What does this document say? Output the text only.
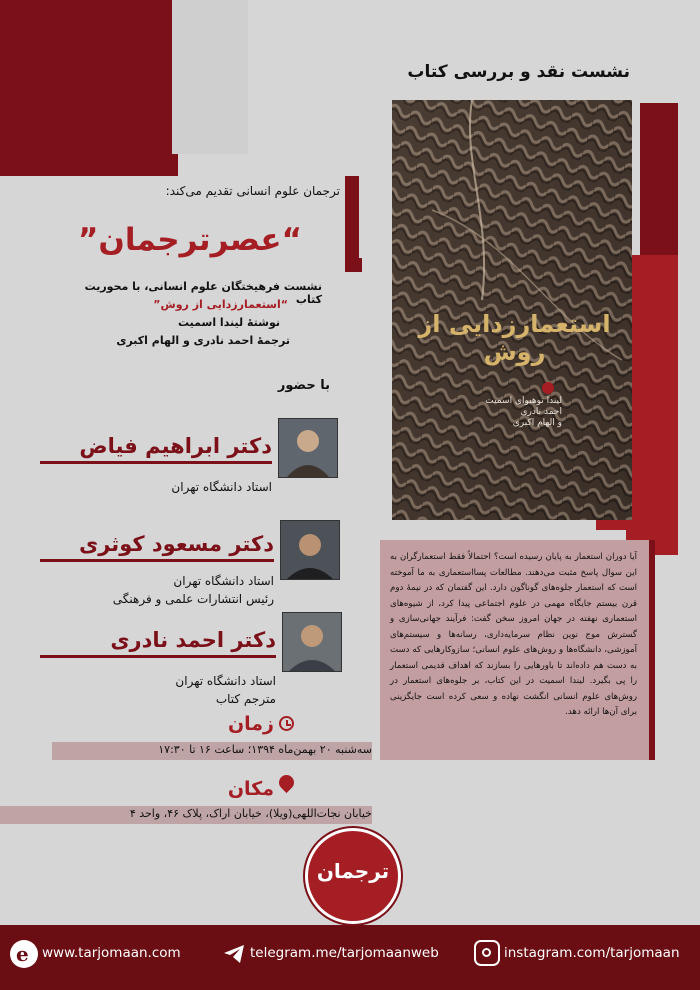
نشست نقد و بررسی کتاب
استعمارزدایی از روش
لیندا توهیوای اسمیت
احمد نادری
و الهام اکبری
ترجمان علوم انسانی تقدیم می‌کند:
“عصرترجمان”
نشست فرهیختگان علوم انسانی، با محوریت کتاب
“استعمارزدایی از روش”
نوشتۀ لیندا اسمیت
ترجمۀ احمد نادری و الهام اکبری
با حضور
دکتر ابراهیم فیاض
استاد دانشگاه تهران
دکتر مسعود کوثری
استاد دانشگاه تهران
رئیس انتشارات علمی و فرهنگی
دکتر احمد نادری
استاد دانشگاه تهران
مترجم کتاب

آیا دوران استعمار به پایان رسیده است؟ احتمالاً فقط استعمارگران به این سوال پاسخ مثبت می‌دهند. مطالعات پسااستعماری به ما آموخته است که استعمار جلوه‌های گوناگون دارد. این گفتمان که در نیمۀ دوم قرن بیستم جایگاه مهمی در علوم اجتماعی پیدا کرد، از شیوه‌های استعماری نهفته در جهان امروز سخن گفت: فرآیند جهانی‌سازی و گسترش موج نوین نظام سرمایه‌داری، رسانه‌ها و سیستم‌های آموزشی، دانشگاه‌ها و روش‌های علوم انسانی؛ سازوکارهایی که دست به دست هم داده‌اند تا باورهایی را بسازند که اهداف قدیمی استعمار را پی بگیرد. لیندا اسمیت در این کتاب، بر جلوه‌های استعمار در روش‌های علوم انسانی انگشت نهاده و سعی کرده است جایگزینی برای آن‌ها ارائه دهد.

زمان
سه‌شنبه ۲۰ بهمن‌ماه ۱۳۹۴؛ ساعت ۱۶ تا ۱۷:۳۰
مکان
خیابان نجات‌اللهی(ویلا)، خیابان اراک، پلاک ۴۶، واحد ۴
ترجمان
e www.tarjomaan.com	telegram.me/tarjomaanweb	instagram.com/tarjomaan
